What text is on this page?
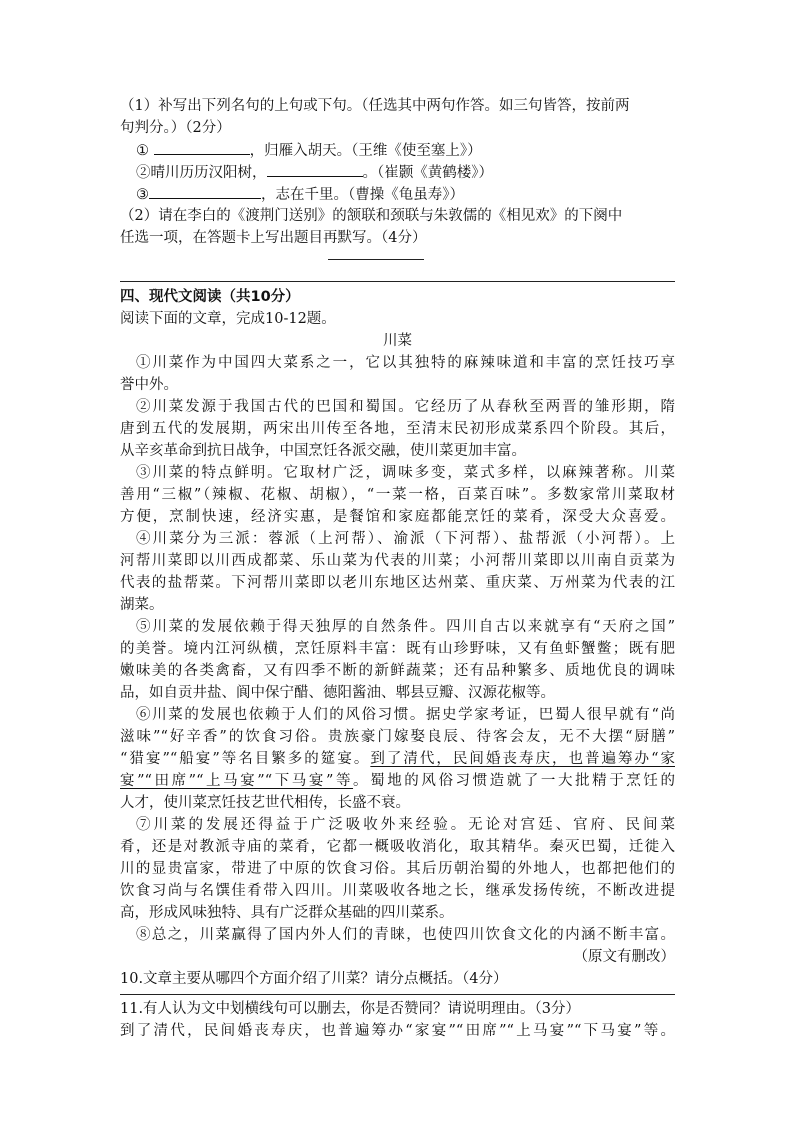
（1）补写出下列名句的上句或下句。（任选其中两句作答。如三句皆答，按前两
句判分。）（2分）
①	，归雁入胡天。（王维《使至塞上》）
②晴川历历汉阳树，	。（崔颢《黄鹤楼》）
③	，志在千里。（曹操《龟虽寿》）
（2）请在李白的《渡荆门送别》的颔联和颈联与朱敦儒的《相见欢》的下阕中
任选一项，在答题卡上写出题目再默写。（4分）
四、现代文阅读（共10分）
阅读下面的文章，完成10-12题。
川菜
①川菜作为中国四大菜系之一，它以其独特的麻辣味道和丰富的烹饪技巧享
誉中外。
②川菜发源于我国古代的巴国和蜀国。它经历了从春秋至两晋的雏形期，隋
唐到五代的发展期，两宋出川传至各地，至清末民初形成菜系四个阶段。其后，
从辛亥革命到抗日战争，中国烹饪各派交融，使川菜更加丰富。
③川菜的特点鲜明。它取材广泛，调味多变，菜式多样，以麻辣著称。川菜
善用“三椒”（辣椒、花椒、胡椒），“一菜一格，百菜百味”。多数家常川菜取材
方便，烹制快速，经济实惠，是餐馆和家庭都能烹饪的菜肴，深受大众喜爱。
④川菜分为三派：蓉派（上河帮）、渝派（下河帮）、盐帮派（小河帮）。上
河帮川菜即以川西成都菜、乐山菜为代表的川菜；小河帮川菜即以川南自贡菜为
代表的盐帮菜。下河帮川菜即以老川东地区达州菜、重庆菜、万州菜为代表的江
湖菜。
⑤川菜的发展依赖于得天独厚的自然条件。四川自古以来就享有“天府之国”
的美誉。境内江河纵横，烹饪原料丰富：既有山珍野味，又有鱼虾蟹鳖；既有肥
嫩味美的各类禽畜，又有四季不断的新鲜蔬菜；还有品种繁多、质地优良的调味
品，如自贡井盐、阆中保宁醋、德阳酱油、郫县豆瓣、汉源花椒等。
⑥川菜的发展也依赖于人们的风俗习惯。据史学家考证，巴蜀人很早就有“尚
滋味”“好辛香”的饮食习俗。贵族豪门嫁娶良辰、待客会友，无不大摆“厨膳”
“猎宴”“船宴”等名目繁多的筵宴。到了清代，民间婚丧寿庆，也普遍筹办“家
宴”“田席”“上马宴”“下马宴”等。蜀地的风俗习惯造就了一大批精于烹饪的
人才，使川菜烹饪技艺世代相传，长盛不衰。
⑦川菜的发展还得益于广泛吸收外来经验。无论对宫廷、官府、民间菜
肴，还是对教派寺庙的菜肴，它都一概吸收消化，取其精华。秦灭巴蜀，迁徙入
川的显贵富家，带进了中原的饮食习俗。其后历朝治蜀的外地人，也都把他们的
饮食习尚与名馔佳肴带入四川。川菜吸收各地之长，继承发扬传统，不断改进提
高，形成风味独特、具有广泛群众基础的四川菜系。
⑧总之，川菜赢得了国内外人们的青睐，也使四川饮食文化的内涵不断丰富。
（原文有删改）
10.文章主要从哪四个方面介绍了川菜？请分点概括。（4分）
11.有人认为文中划横线句可以删去，你是否赞同？请说明理由。（3分）
到了清代，民间婚丧寿庆，也普遍筹办“家宴”“田席”“上马宴”“下马宴”等。
